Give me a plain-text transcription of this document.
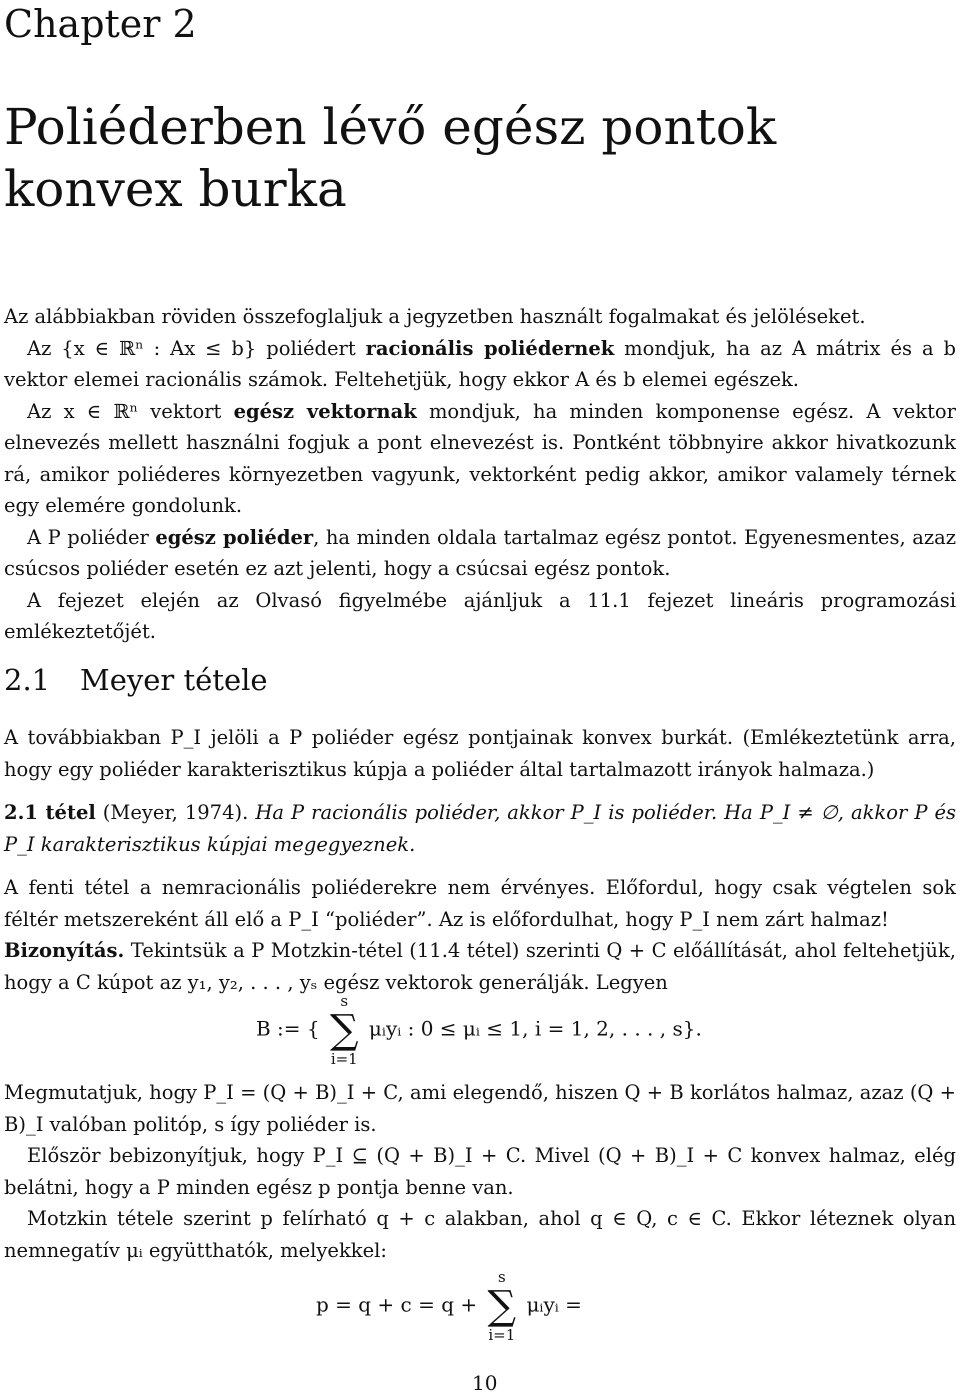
Chapter 2
Poliéderben lévő egész pontok konvex burka

Az alábbiakban röviden összefoglaljuk a jegyzetben használt fogalmakat és jelöléseket.

Az {x ∈ ℝⁿ : Ax ≤ b} poliédert racionális poliédernek mondjuk, ha az A mátrix és a b vektor elemei racionális számok. Feltehetjük, hogy ekkor A és b elemei egészek.

Az x ∈ ℝⁿ vektort egész vektornak mondjuk, ha minden komponense egész. A vektor elnevezés mellett használni fogjuk a pont elnevezést is. Pontként többnyire akkor hivatkozunk rá, amikor poliéderes környezetben vagyunk, vektorként pedig akkor, amikor valamely térnek egy elemére gondolunk.

A P poliéder egész poliéder, ha minden oldala tartalmaz egész pontot. Egyenesmentes, azaz csúcsos poliéder esetén ez azt jelenti, hogy a csúcsai egész pontok.

A fejezet elején az Olvasó figyelmébe ajánljuk a 11.1 fejezet lineáris programozási emlékeztetőjét.

2.1 Meyer tétele

A továbbiakban P_I jelöli a P poliéder egész pontjainak konvex burkát. (Emlékeztetünk arra, hogy egy poliéder karakterisztikus kúpja a poliéder által tartalmazott irányok halmaza.)

2.1 tétel (Meyer, 1974). Ha P racionális poliéder, akkor P_I is poliéder. Ha P_I ≠ ∅, akkor P és P_I karakterisztikus kúpjai megegyeznek.

A fenti tétel a nemracionális poliéderekre nem érvényes. Előfordul, hogy csak végtelen sok féltér metszereként áll elő a P_I “poliéder”. Az is előfordulhat, hogy P_I nem zárt halmaz!

Bizonyítás. Tekintsük a P Motzkin-tétel (11.4 tétel) szerinti Q + C előállítását, ahol feltehetjük, hogy a C kúpot az y₁, y₂, . . . , yₛ egész vektorok generálják. Legyen

B := {
s
∑
i=1
μᵢyᵢ : 0 ≤ μᵢ ≤ 1, i = 1, 2, . . . , s}.

Megmutatjuk, hogy P_I = (Q + B)_I + C, ami elegendő, hiszen Q + B korlátos halmaz, azaz (Q + B)_I valóban politóp, s így poliéder is.

Először bebizonyítjuk, hogy P_I ⊆ (Q + B)_I + C. Mivel (Q + B)_I + C konvex halmaz, elég belátni, hogy a P minden egész p pontja benne van.

Motzkin tétele szerint p felírható q + c alakban, ahol q ∈ Q, c ∈ C. Ekkor léteznek olyan nemnegatív μᵢ együtthatók, melyekkel:

p = q + c = q +
s
∑
i=1
μᵢyᵢ =
10
